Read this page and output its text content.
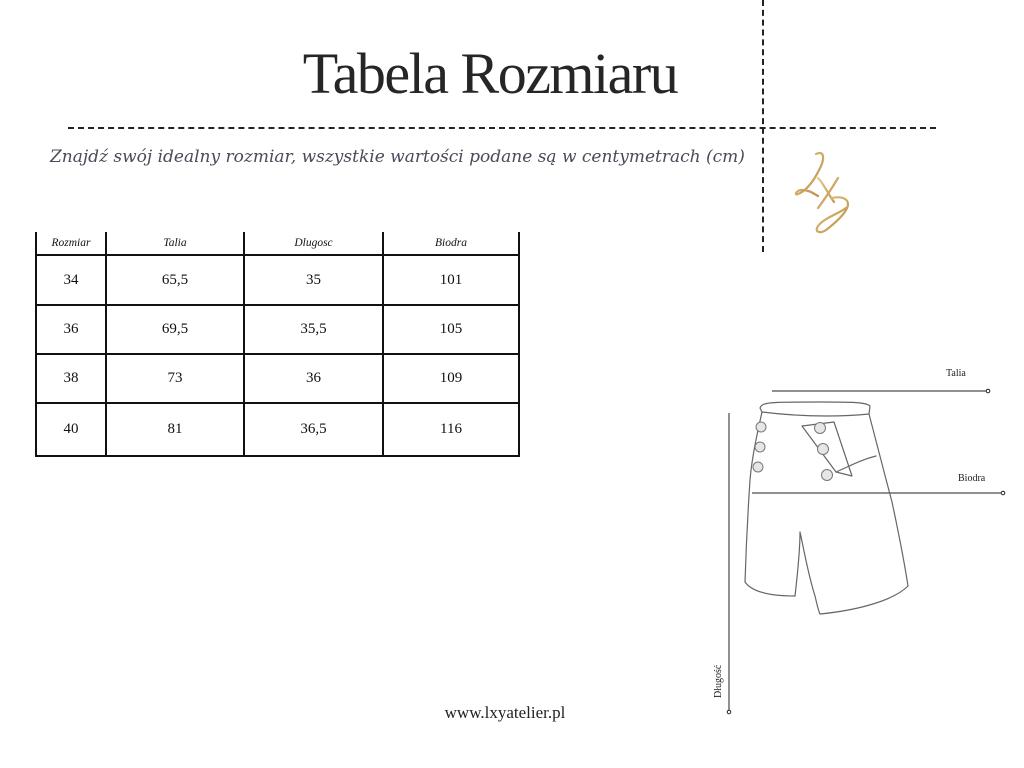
Tabela Rozmiaru
Znajdź swój idealny rozmiar, wszystkie wartości podane są w centymetrach (cm)
Rozmiar	Talia	Dlugosc	Biodra
34	65,5	35	101
36	69,5	35,5	105
38	73	36	109
40	81	36,5	116
Talia
Biodra
Długość
www.lxyatelier.pl
